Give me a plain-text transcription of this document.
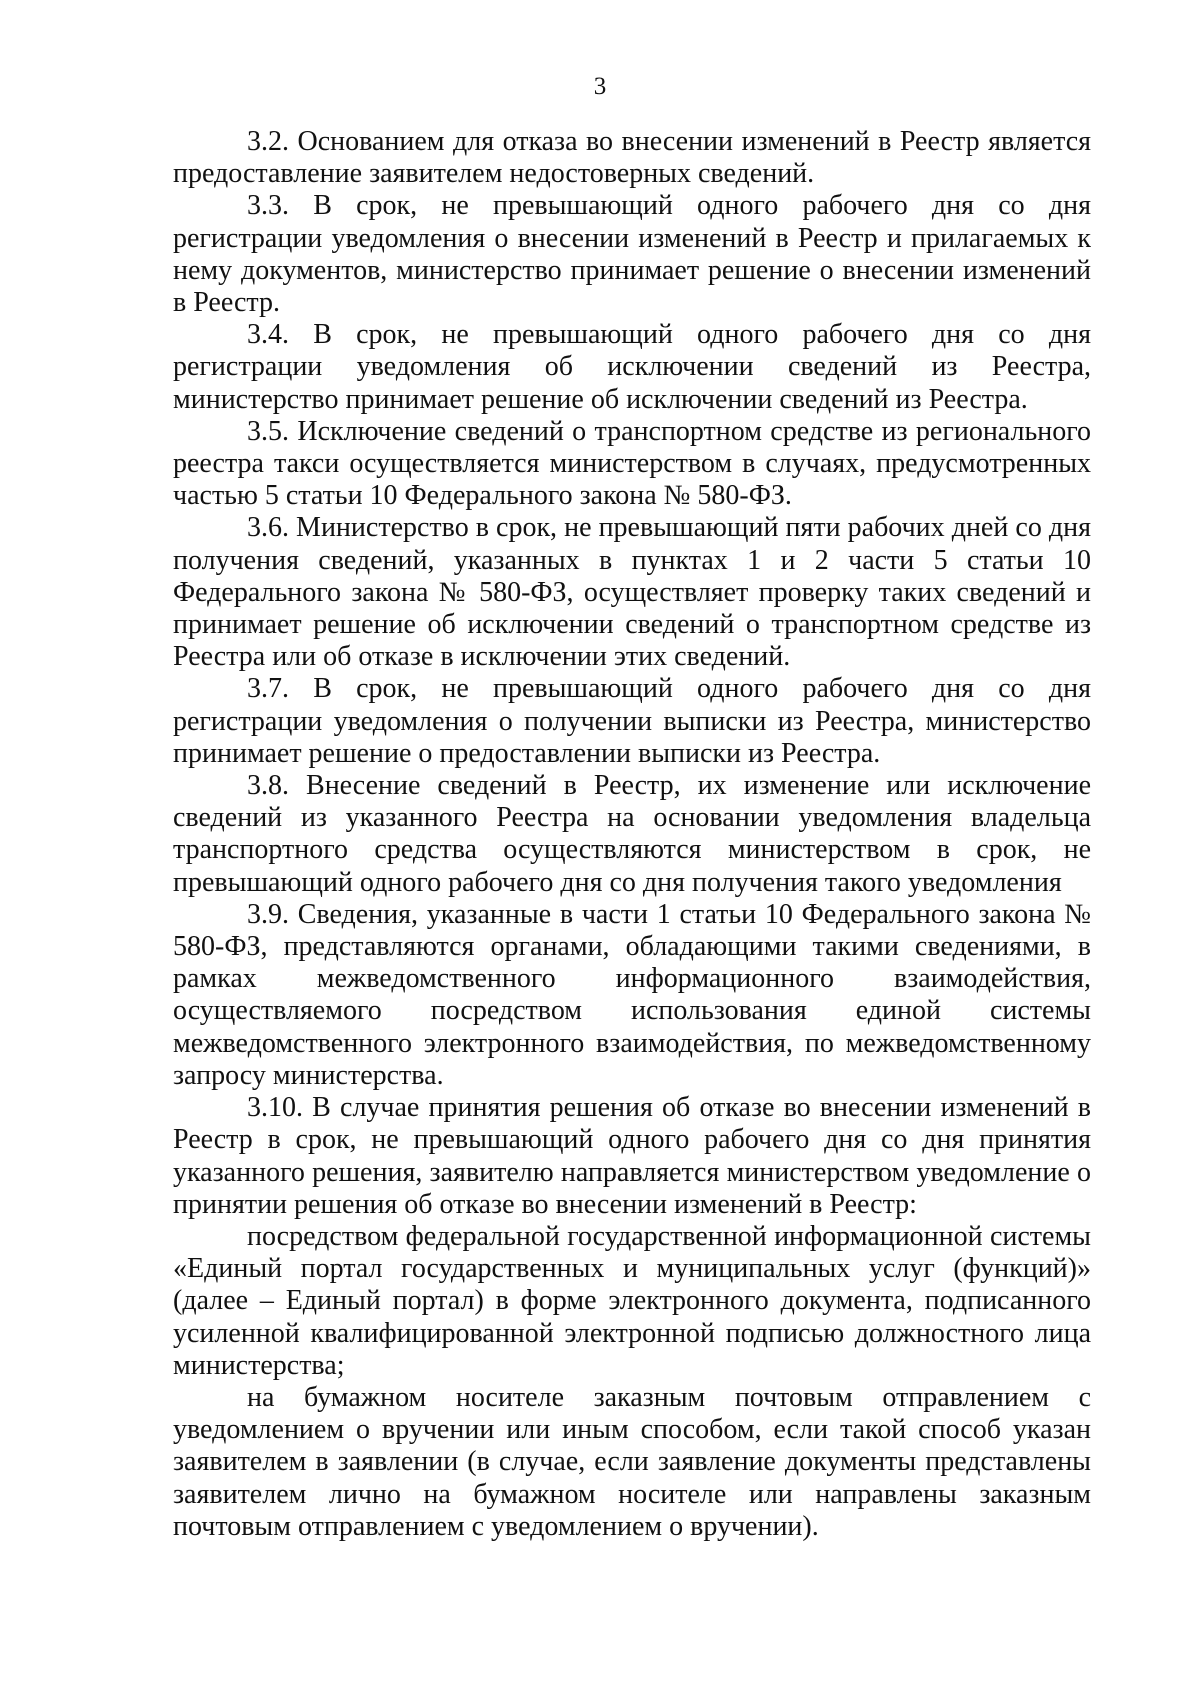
3

3.2. Основанием для отказа во внесении изменений в Реестр является предоставление заявителем недостоверных сведений.

3.3. В срок, не превышающий одного рабочего дня со дня регистрации уведомления о внесении изменений в Реестр и прилагаемых к нему документов, министерство принимает решение о внесении изменений в Реестр.

3.4. В срок, не превышающий одного рабочего дня со дня регистрации уведомления об исключении сведений из Реестра, министерство принимает решение об исключении сведений из Реестра.

3.5. Исключение сведений о транспортном средстве из регионального реестра такси осуществляется министерством в случаях, предусмотренных частью 5 статьи 10 Федерального закона № 580-ФЗ.

3.6. Министерство в срок, не превышающий пяти рабочих дней со дня получения сведений, указанных в пунктах 1 и 2 части 5 статьи 10 Федерального закона № 580-ФЗ, осуществляет проверку таких сведений и принимает решение об исключении сведений о транспортном средстве из Реестра или об отказе в исключении этих сведений.

3.7. В срок, не превышающий одного рабочего дня со дня регистрации уведомления о получении выписки из Реестра, министерство принимает решение о предоставлении выписки из Реестра.

3.8. Внесение сведений в Реестр, их изменение или исключение сведений из указанного Реестра на основании уведомления владельца транспортного средства осуществляются министерством в срок, не превышающий одного рабочего дня со дня получения такого уведомления

3.9. Сведения, указанные в части 1 статьи 10 Федерального закона № 580-ФЗ, представляются органами, обладающими такими сведениями, в рамках межведомственного информационного взаимодействия, осуществляемого посредством использования единой системы межведомственного электронного взаимодействия, по межведомственному запросу министерства.

3.10. В случае принятия решения об отказе во внесении изменений в Реестр в срок, не превышающий одного рабочего дня со дня принятия указанного решения, заявителю направляется министерством уведомление о принятии решения об отказе во внесении изменений в Реестр:

посредством федеральной государственной информационной системы «Единый портал государственных и муниципальных услуг (функций)» (далее – Единый портал) в форме электронного документа, подписанного усиленной квалифицированной электронной подписью должностного лица министерства;

на бумажном носителе заказным почтовым отправлением с уведомлением о вручении или иным способом, если такой способ указан заявителем в заявлении (в случае, если заявление документы представлены заявителем лично на бумажном носителе или направлены заказным почтовым отправлением с уведомлением о вручении).
